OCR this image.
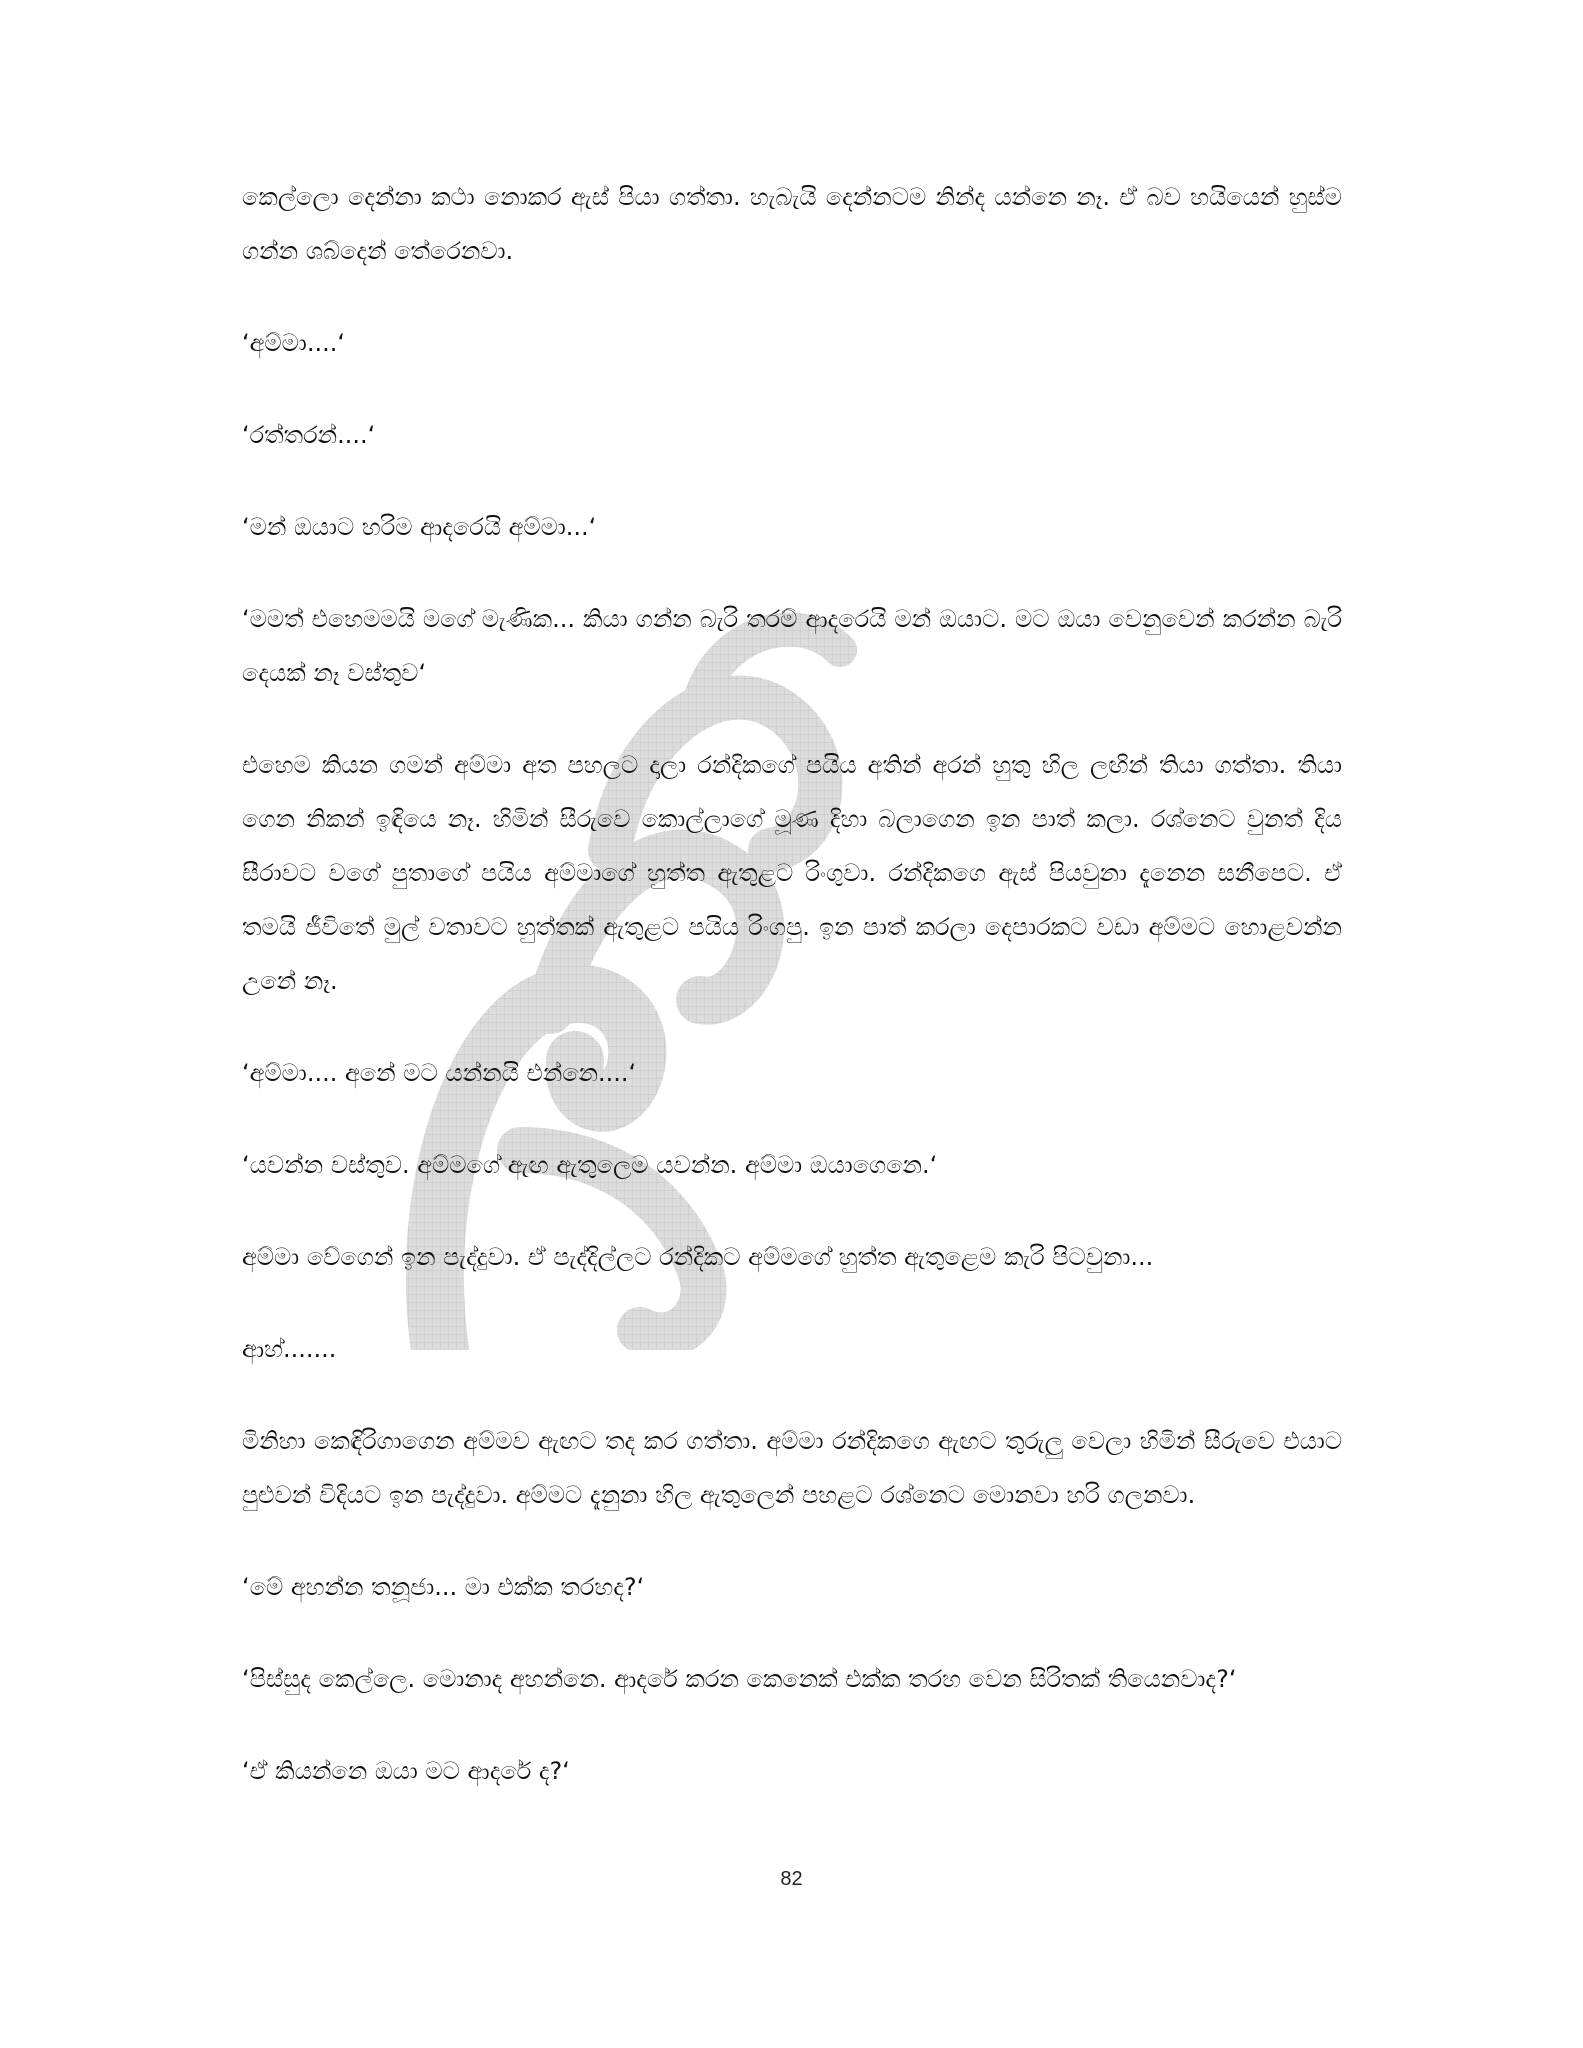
කෙල්ලො දෙන්නා කථා නොකර ඇස් පියා ගත්තා. හැබැයි දෙන්නටම නින්ද යන්නෙ නෑ. ඒ බව හයියෙන් හුස්ම ගන්න ශබ්දෙන් තේරෙනවා.

‘අම්මා....‘

‘රත්තරන්....‘

‘මන් ඔයාට හරිම ආදරෙයි අම්මා...‘

‘මමත් එහෙමමයි මගේ මැණික... කියා ගන්න බැරි තරම් ආදරෙයි මන් ඔයාට. මට ඔයා වෙනුවෙන් කරන්න බැරි දෙයක් නෑ වස්තුව‘

එහෙම කියන ගමන් අම්මා අත පහලට දාලා රන්දිකගේ පයිය අතින් අරන් හුතු හිල ලඟින් තියා ගත්තා. තියා ගෙන නිකන් ඉඳියෙ නෑ. හිමින් සීරුවෙ කොල්ලාගේ මූණ දිහා බලාගෙන ඉන පාත් කලා. රශ්නෙට වුනත් දිය සීරාවට වගේ පුතාගේ පයිය අම්මාගේ හුත්ත ඇතුළට රිංගුවා. රන්දිකගෙ ඇස් පියවුනා දැනෙන සනීපෙට. ඒ තමයි ජීවිතේ මුල් වතාවට හුත්තක් ඇතුළට පයිය රිංගපු. ඉන පාත් කරලා දෙපාරකට වඩා අම්මට හොළවන්න උනේ නෑ.

‘අම්මා.... අනේ මට යන්නයි එන්නෙ....‘

‘යවන්න වස්තුව. අම්මගේ ඇඟ ඇතුලෙම යවන්න. අම්මා ඔයාගෙනෙ.‘

අම්මා වේගෙන් ඉන පැද්දුවා. ඒ පැද්දිල්ලට රන්දිකට අම්මගේ හුත්ත ඇතුළෙම කැරි පිටවුනා...

ආහ්.......

මිනිහා කෙඳිරිගාගෙන අම්මව ඇඟට තද කර ගත්තා. අම්මා රන්දිකගෙ ඇඟට තුරුලු වෙලා හිමින් සීරුවෙ එයාට පුළුවන් විදියට ඉන පැද්දුවා. අම්මට දැනුනා හිල ඇතුලෙන් පහළට රශ්නෙට මොනවා හරි ගලනවා.

‘මේ අහන්න තනූජා... මා එක්ක තරහද?‘

‘පිස්සුද කෙල්ලෙ. මොනාද අහන්නෙ. ආදරේ කරන කෙනෙක් එක්ක තරහ වෙන සිරිතක් තියෙනවාද?‘

‘ඒ කියන්නෙ ඔයා මට ආදරේ ද?‘

82
